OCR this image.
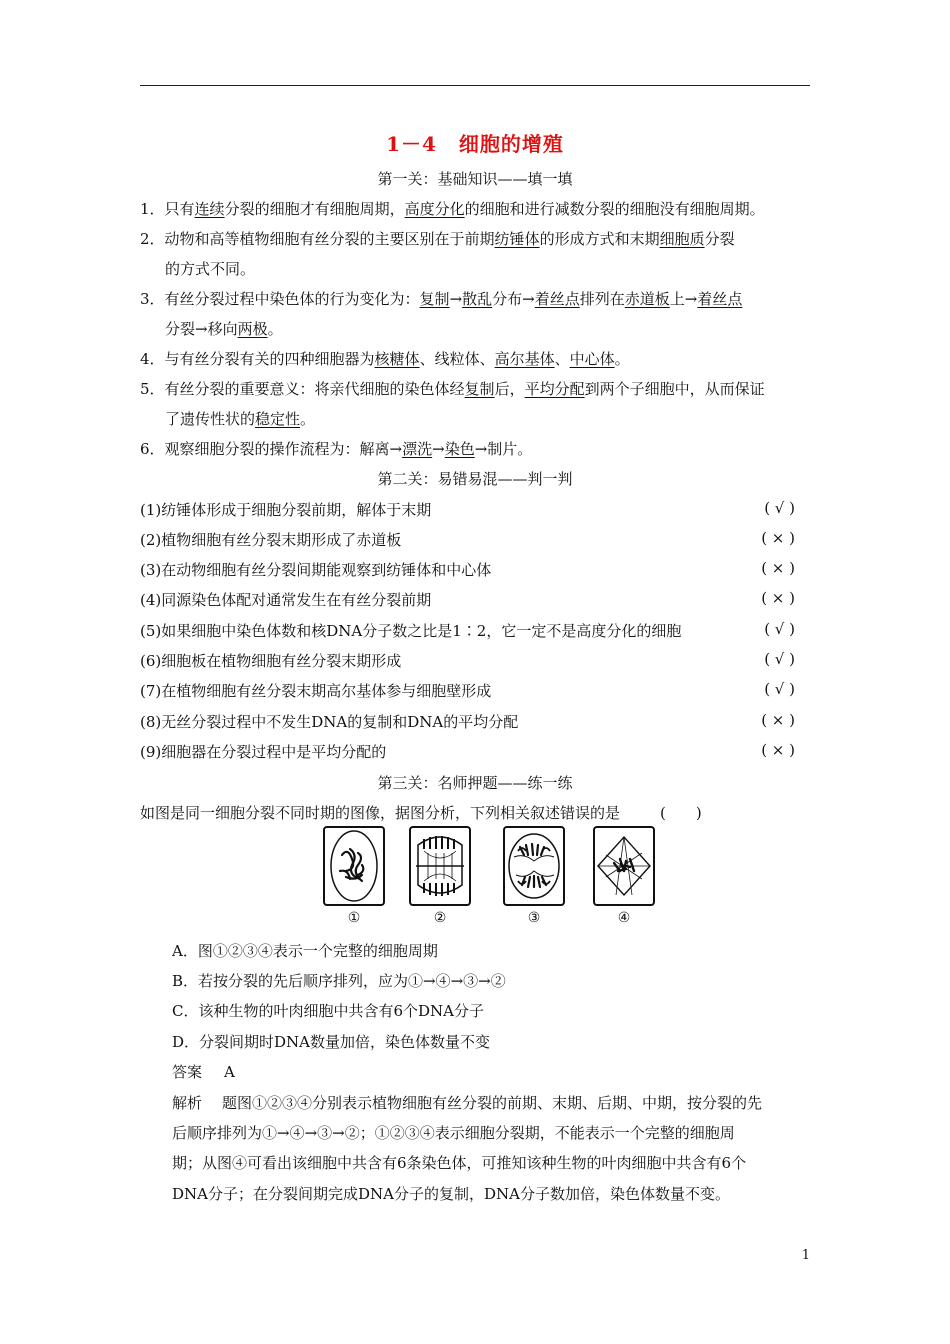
1－4 细胞的增殖
第一关：基础知识——填一填
1．只有连续分裂的细胞才有细胞周期，高度分化的细胞和进行减数分裂的细胞没有细胞周期。
2．动物和高等植物细胞有丝分裂的主要区别在于前期纺锤体的形成方式和末期细胞质分裂
的方式不同。
3．有丝分裂过程中染色体的行为变化为：复制→散乱分布→着丝点排列在赤道板上→着丝点
分裂→移向两极。
4．与有丝分裂有关的四种细胞器为核糖体、线粒体、高尔基体、中心体。
5．有丝分裂的重要意义：将亲代细胞的染色体经复制后，平均分配到两个子细胞中，从而保证
了遗传性状的稳定性。
6．观察细胞分裂的操作流程为：解离→漂洗→染色→制片。
第二关：易错易混——判一判
(1)纺锤体形成于细胞分裂前期，解体于末期	( √ )
(2)植物细胞有丝分裂末期形成了赤道板	( × )
(3)在动物细胞有丝分裂间期能观察到纺锤体和中心体	( × )
(4)同源染色体配对通常发生在有丝分裂前期	( × )
(5)如果细胞中染色体数和核DNA分子数之比是1∶2，它一定不是高度分化的细胞	( √ )
(6)细胞板在植物细胞有丝分裂末期形成	( √ )
(7)在植物细胞有丝分裂末期高尔基体参与细胞壁形成	( √ )
(8)无丝分裂过程中不发生DNA的复制和DNA的平均分配	( × )
(9)细胞器在分裂过程中是平均分配的	( × )
第三关：名师押题——练一练
如图是同一细胞分裂不同时期的图像，据图分析，下列相关叙述错误的是	(　　)
①	②	③	④
A．图①②③④表示一个完整的细胞周期
B．若按分裂的先后顺序排列，应为①→④→③→②
C．该种生物的叶肉细胞中共含有6个DNA分子
D．分裂间期时DNA数量加倍，染色体数量不变
答案 A
解析 题图①②③④分别表示植物细胞有丝分裂的前期、末期、后期、中期，按分裂的先
后顺序排列为①→④→③→②；①②③④表示细胞分裂期，不能表示一个完整的细胞周
期；从图④可看出该细胞中共含有6条染色体，可推知该种生物的叶肉细胞中共含有6个
DNA分子；在分裂间期完成DNA分子的复制，DNA分子数加倍，染色体数量不变。
1
